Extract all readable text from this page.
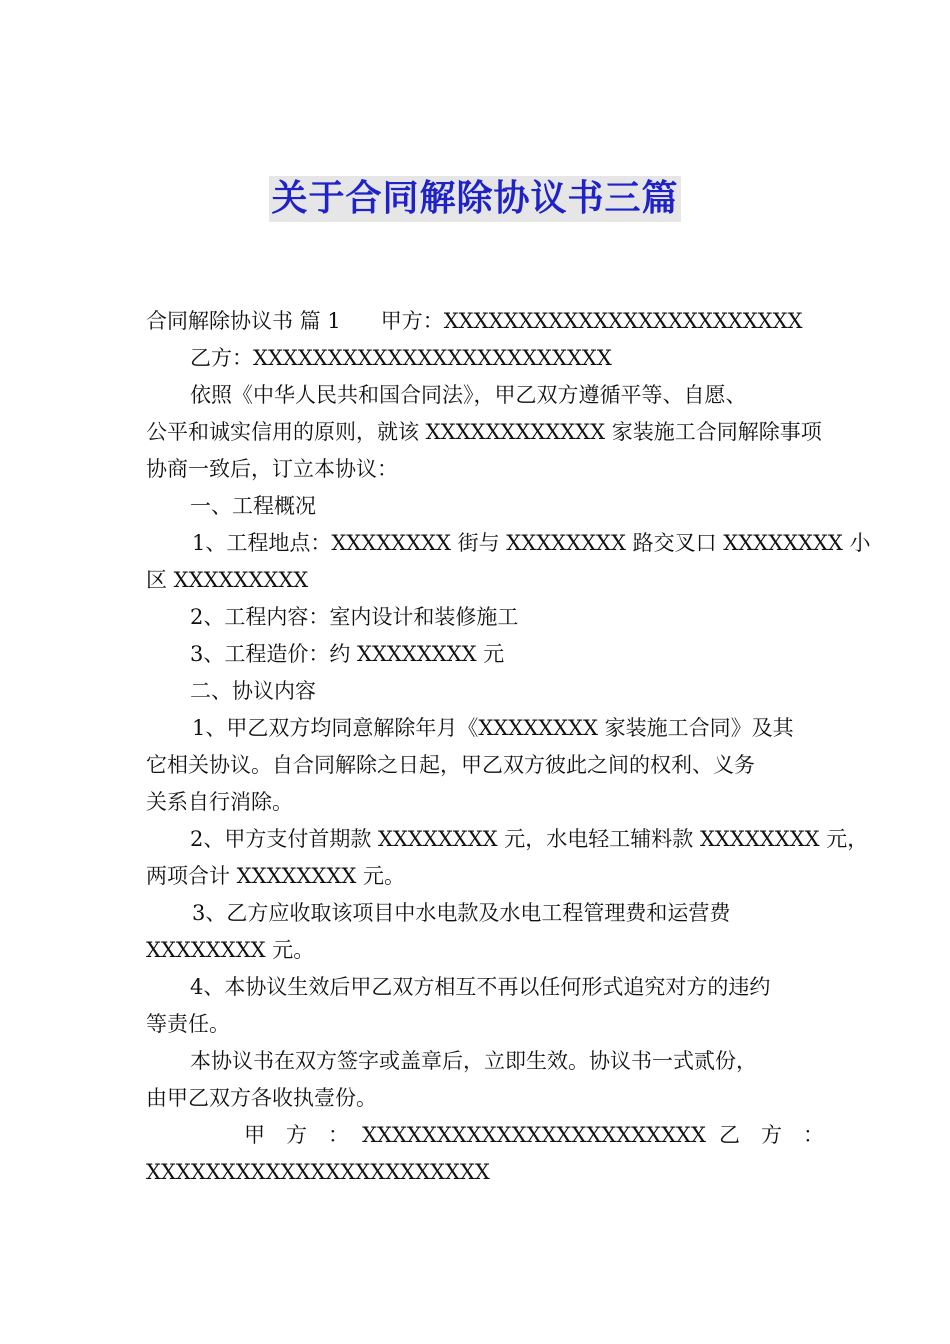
关于合同解除协议书三篇
合同解除协议书 篇 1 甲方：XXXXXXXXXXXXXXXXXXXXXXXX
乙方：XXXXXXXXXXXXXXXXXXXXXXXX
依照《中华人民共和国合同法》，甲乙双方遵循平等、自愿、
公平和诚实信用的原则，就该 XXXXXXXXXXXX 家装施工合同解除事项
协商一致后，订立本协议：
一、工程概况
1、工程地点：XXXXXXXX 街与 XXXXXXXX 路交叉口 XXXXXXXX 小
区 XXXXXXXXX
2、工程内容：室内设计和装修施工
3、工程造价：约 XXXXXXXX 元
二、协议内容
1、甲乙双方均同意解除年月《XXXXXXXX 家装施工合同》及其
它相关协议。自合同解除之日起，甲乙双方彼此之间的权利、义务
关系自行消除。
2、甲方支付首期款 XXXXXXXX 元，水电轻工辅料款 XXXXXXXX 元，
两项合计 XXXXXXXX 元。
3、乙方应收取该项目中水电款及水电工程管理费和运营费
XXXXXXXX 元。
4、本协议生效后甲乙双方相互不再以任何形式追究对方的违约
等责任。
本协议书在双方签字或盖章后，立即生效。协议书一式贰份，
由甲乙双方各收执壹份。
甲　方　： XXXXXXXXXXXXXXXXXXXXXXX 乙　方　：
XXXXXXXXXXXXXXXXXXXXXXX
